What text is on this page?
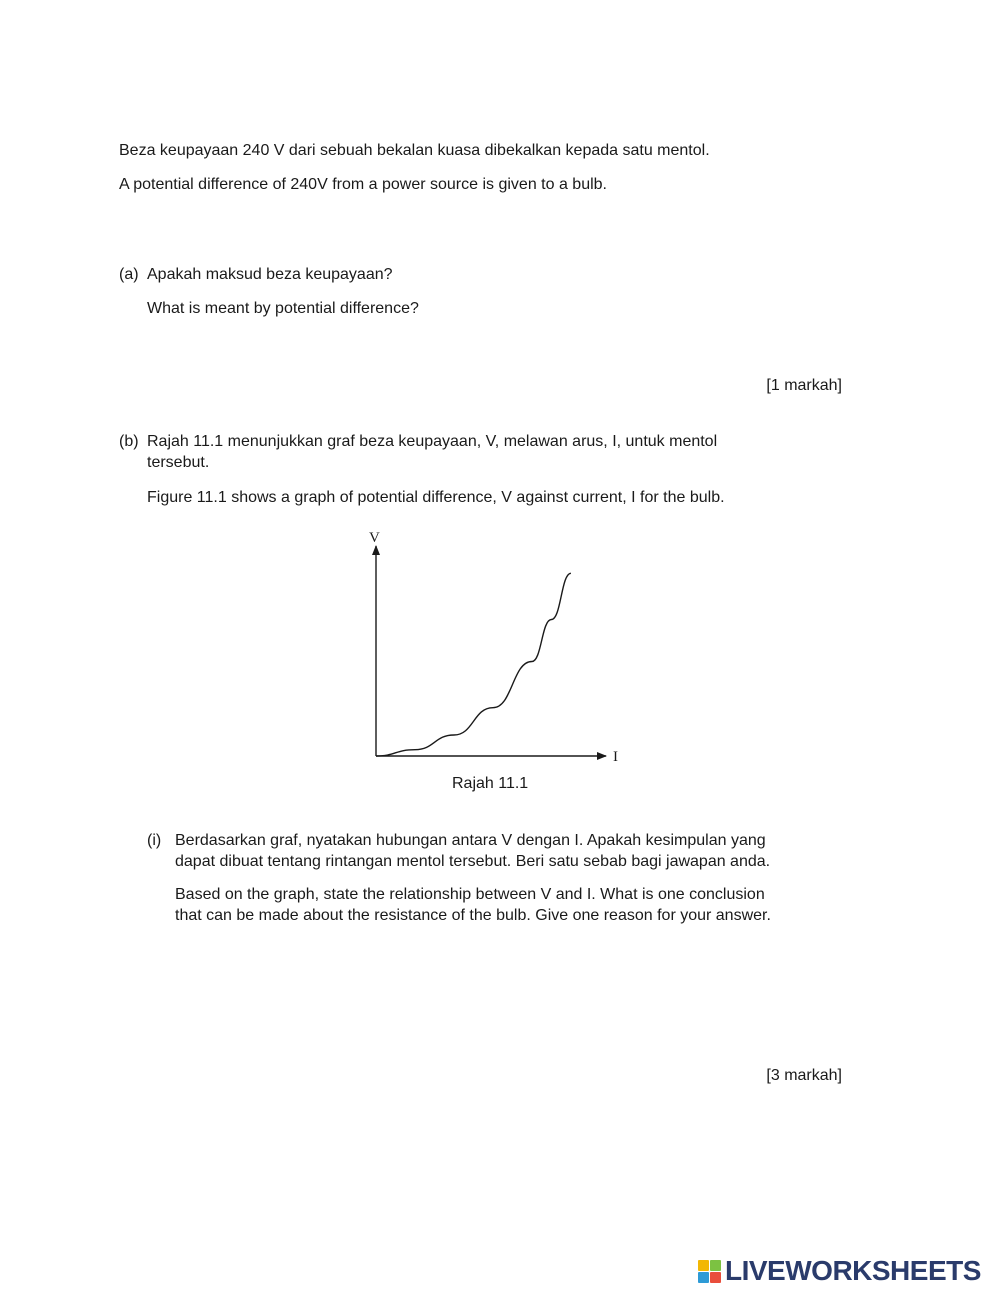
Beza keupayaan 240 V dari sebuah bekalan kuasa dibekalkan kepada satu mentol.
A potential difference of 240V from a power source is given to a bulb.
(a) Apakah maksud beza keupayaan?
What is meant by potential difference?
[1 markah]
(b) Rajah 11.1 menunjukkan graf beza keupayaan, V, melawan arus, I, untuk mentol
tersebut.
Figure 11.1 shows a graph of potential difference, V against current, I for the bulb.
V
I
Rajah 11.1
(i) Berdasarkan graf, nyatakan hubungan antara V dengan I. Apakah kesimpulan yang
dapat dibuat tentang rintangan mentol tersebut. Beri satu sebab bagi jawapan anda.
Based on the graph, state the relationship between V and I. What is one conclusion
that can be made about the resistance of the bulb. Give one reason for your answer.
[3 markah]
LIVEWORKSHEETS
